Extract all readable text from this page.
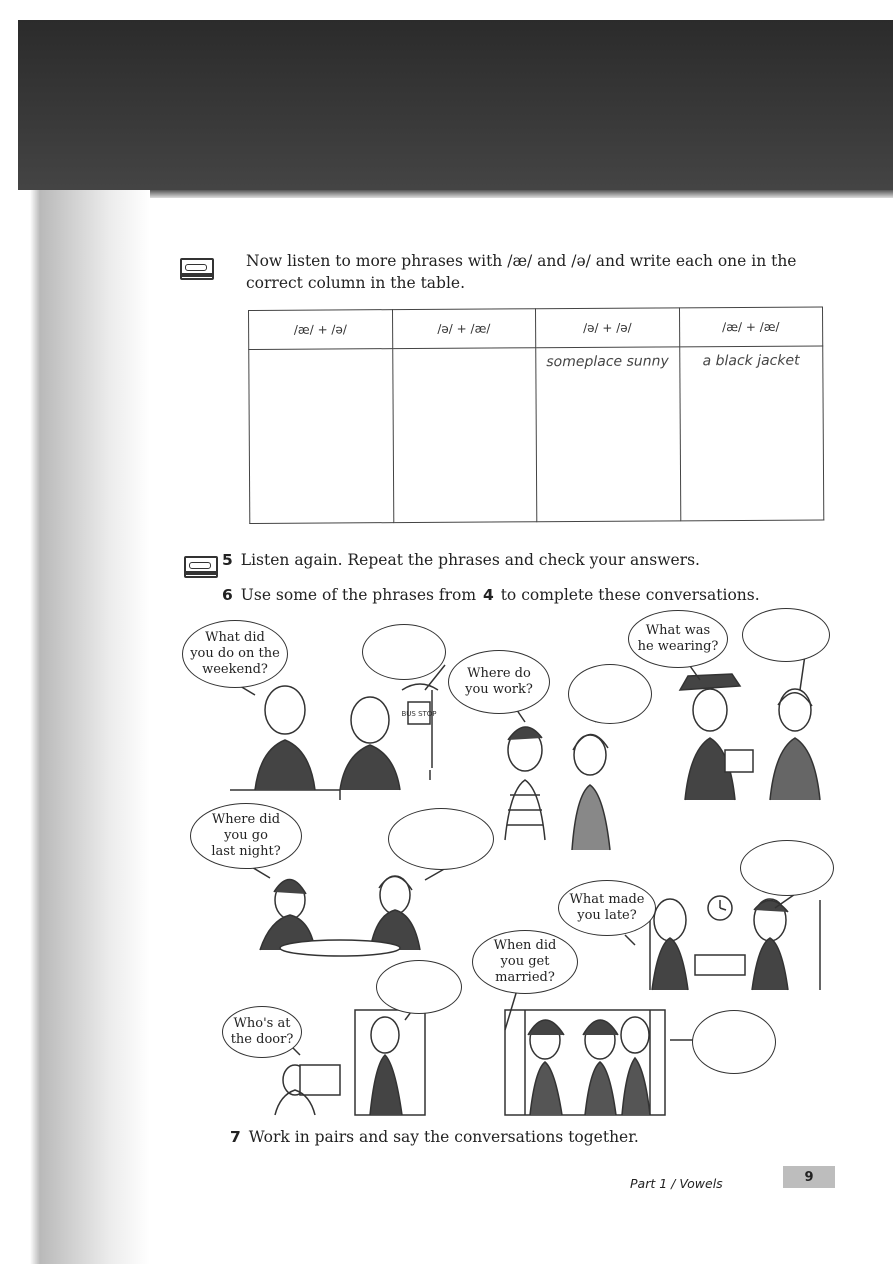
Now listen to more phrases with /æ/ and /ə/ and write each one in the correct column in the table.
/æ/ + /ə/	/ə/ + /æ/	/ə/ + /ə/	/æ/ + /æ/
		someplace sunny	a black jacket
5 Listen again. Repeat the phrases and check your answers.
6 Use some of the phrases from 4 to complete these conversations.
BUS STOP
What did
you do on the
weekend?	Where do
you work?
What was
he wearing?
Where did
you go
last night?
What made
you late?
When did
you get
married?
Who's at
the door?
7 Work in pairs and say the conversations together.
Part 1 / Vowels	9
